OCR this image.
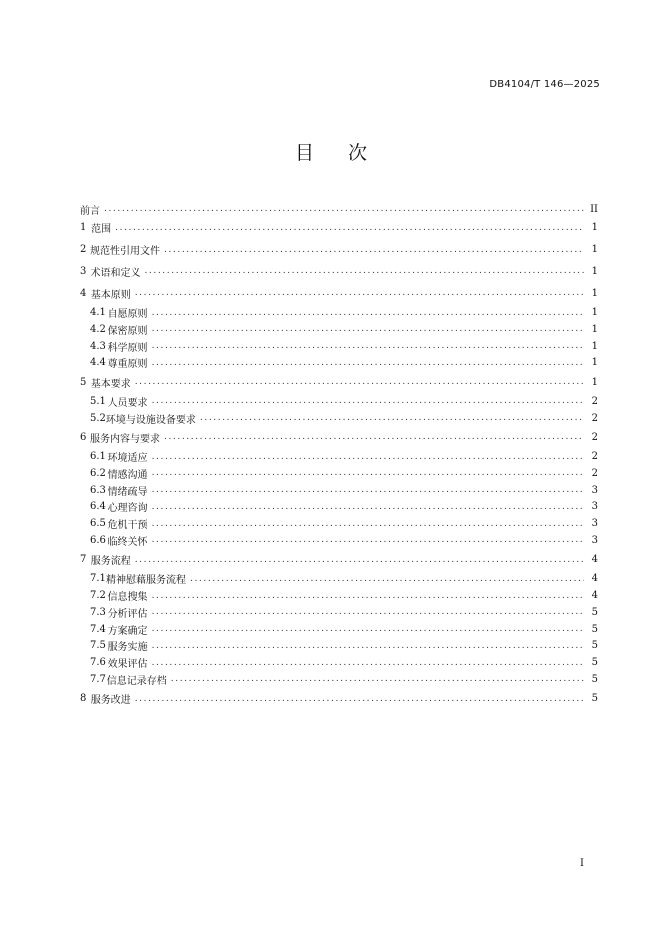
DB4104/T 146—2025
目次
前言 .....	II
1 范围 .....	1
2 规范性引用文件 .....	1
3 术语和定义 .....	1
4 基本原则 .....	1
4.1 自愿原则 .....	1
4.2 保密原则 .....	1
4.3 科学原则 .....	1
4.4 尊重原则 .....	1
5 基本要求 .....	1
5.1 人员要求 .....	2
5.2 环境与设施设备要求 .....	2
6 服务内容与要求 .....	2
6.1 环境适应 .....	2
6.2 情感沟通 .....	2
6.3 情绪疏导 .....	3
6.4 心理咨询 .....	3
6.5 危机干预 .....	3
6.6 临终关怀 .....	3
7 服务流程 .....	4
7.1 精神慰藉服务流程 .....	4
7.2 信息搜集 .....	4
7.3 分析评估 .....	5
7.4 方案确定 .....	5
7.5 服务实施 .....	5
7.6 效果评估 .....	5
7.7 信息记录存档 .....	5
8 服务改进 .....	5
I
